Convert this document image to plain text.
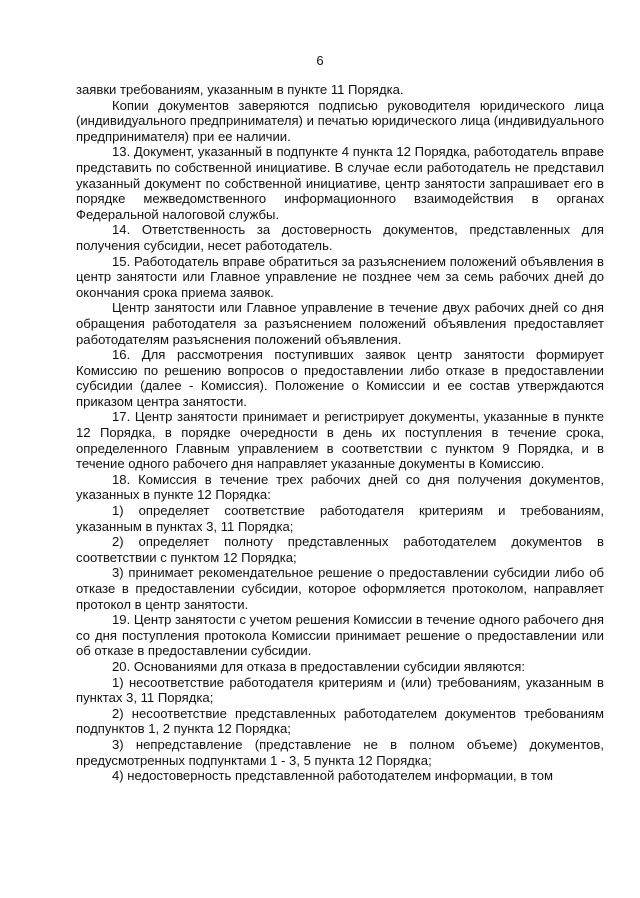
6

заявки требованиям, указанным в пункте 11 Порядка.

Копии документов заверяются подписью руководителя юридического лица (индивидуального предпринимателя) и печатью юридического лица (индивидуального предпринимателя) при ее наличии.

13. Документ, указанный в подпункте 4 пункта 12 Порядка, работодатель вправе представить по собственной инициативе. В случае если работодатель не представил указанный документ по собственной инициативе, центр занятости запрашивает его в порядке межведомственного информационного взаимодействия в органах Федеральной налоговой службы.

14. Ответственность за достоверность документов, представленных для получения субсидии, несет работодатель.

15. Работодатель вправе обратиться за разъяснением положений объявления в центр занятости или Главное управление не позднее чем за семь рабочих дней до окончания срока приема заявок.

Центр занятости или Главное управление в течение двух рабочих дней со дня обращения работодателя за разъяснением положений объявления предоставляет работодателям разъяснения положений объявления.

16. Для рассмотрения поступивших заявок центр занятости формирует Комиссию по решению вопросов о предоставлении либо отказе в предоставлении субсидии (далее - Комиссия). Положение о Комиссии и ее состав утверждаются приказом центра занятости.

17. Центр занятости принимает и регистрирует документы, указанные в пункте 12 Порядка, в порядке очередности в день их поступления в течение срока, определенного Главным управлением в соответствии с пунктом 9 Порядка, и в течение одного рабочего дня направляет указанные документы в Комиссию.

18. Комиссия в течение трех рабочих дней со дня получения документов, указанных в пункте 12 Порядка:

1) определяет соответствие работодателя критериям и требованиям, указанным в пунктах 3, 11 Порядка;

2) определяет полноту представленных работодателем документов в соответствии с пунктом 12 Порядка;

3) принимает рекомендательное решение о предоставлении субсидии либо об отказе в предоставлении субсидии, которое оформляется протоколом, направляет протокол в центр занятости.

19. Центр занятости с учетом решения Комиссии в течение одного рабочего дня со дня поступления протокола Комиссии принимает решение о предоставлении или об отказе в предоставлении субсидии.

20. Основаниями для отказа в предоставлении субсидии являются:

1) несоответствие работодателя критериям и (или) требованиям, указанным в пунктах 3, 11 Порядка;

2) несоответствие представленных работодателем документов требованиям подпунктов 1, 2 пункта 12 Порядка;

3) непредставление (представление не в полном объеме) документов, предусмотренных подпунктами 1 - 3, 5 пункта 12 Порядка;

4) недостоверность представленной работодателем информации, в том
